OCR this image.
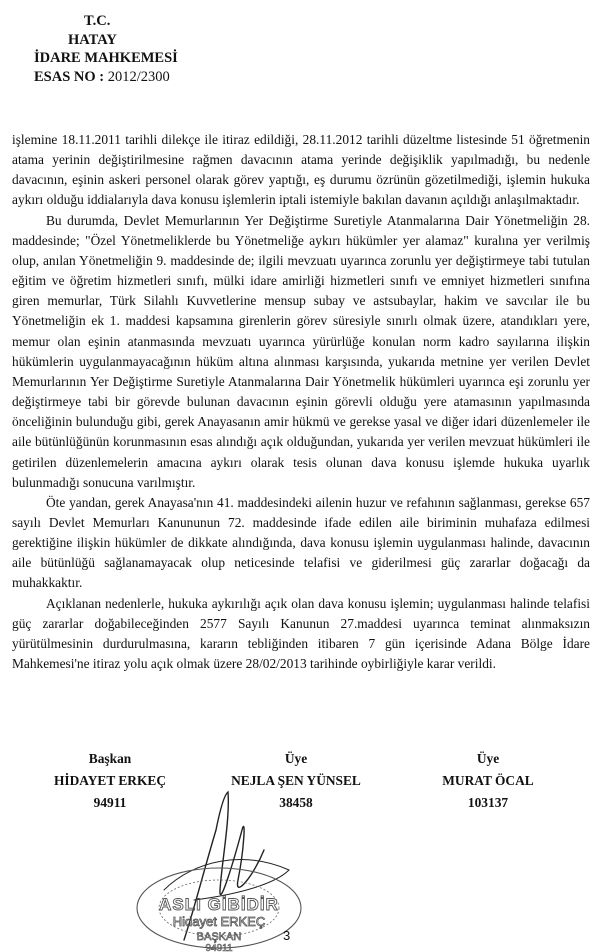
T.C.
HATAY
İDARE MAHKEMESİ
ESAS NO : 2012/2300

işlemine 18.11.2011 tarihli dilekçe ile itiraz edildiği, 28.11.2012 tarihli düzeltme listesinde 51 öğretmenin atama yerinin değiştirilmesine rağmen davacının atama yerinde değişiklik yapılmadığı, bu nedenle davacının, eşinin askeri personel olarak görev yaptığı, eş durumu özrünün gözetilmediği, işlemin hukuka aykırı olduğu iddialarıyla dava konusu işlemlerin iptali istemiyle bakılan davanın açıldığı anlaşılmaktadır.

Bu durumda, Devlet Memurlarının Yer Değiştirme Suretiyle Atanmalarına Dair Yönetmeliğin 28. maddesinde; "Özel Yönetmeliklerde bu Yönetmeliğe aykırı hükümler yer alamaz" kuralına yer verilmiş olup, anılan Yönetmeliğin 9. maddesinde de; ilgili mevzuatı uyarınca zorunlu yer değiştirmeye tabi tutulan eğitim ve öğretim hizmetleri sınıfı, mülki idare amirliği hizmetleri sınıfı ve emniyet hizmetleri sınıfına giren memurlar, Türk Silahlı Kuvvetlerine mensup subay ve astsubaylar, hakim ve savcılar ile bu Yönetmeliğin ek 1. maddesi kapsamına girenlerin görev süresiyle sınırlı olmak üzere, atandıkları yere, memur olan eşinin atanmasında mevzuatı uyarınca yürürlüğe konulan norm kadro sayılarına ilişkin hükümlerin uygulanmayacağının hüküm altına alınması karşısında, yukarıda metnine yer verilen Devlet Memurlarının Yer Değiştirme Suretiyle Atanmalarına Dair Yönetmelik hükümleri uyarınca eşi zorunlu yer değiştirmeye tabi bir görevde bulunan davacının eşinin görevli olduğu yere atamasının yapılmasında önceliğinin bulunduğu gibi, gerek Anayasanın amir hükmü ve gerekse yasal ve diğer idari düzenlemeler ile aile bütünlüğünün korunmasının esas alındığı açık olduğundan, yukarıda yer verilen mevzuat hükümleri ile getirilen düzenlemelerin amacına aykırı olarak tesis olunan dava konusu işlemde hukuka uyarlık bulunmadığı sonucuna varılmıştır.

Öte yandan, gerek Anayasa'nın 41. maddesindeki ailenin huzur ve refahının sağlanması, gerekse 657 sayılı Devlet Memurları Kanununun 72. maddesinde ifade edilen aile biriminin muhafaza edilmesi gerektiğine ilişkin hükümler de dikkate alındığında, dava konusu işlemin uygulanması halinde, davacının aile bütünlüğü sağlanamayacak olup neticesinde telafisi ve giderilmesi güç zararlar doğacağı da muhakkaktır.

Açıklanan nedenlerle, hukuka aykırılığı açık olan dava konusu işlemin; uygulanması halinde telafisi güç zararlar doğabileceğinden 2577 Sayılı Kanunun 27.maddesi uyarınca teminat alınmaksızın yürütülmesinin durdurulmasına, kararın tebliğinden itibaren 7 gün içerisinde Adana Bölge İdare Mahkemesi'ne itiraz yolu açık olmak üzere 28/02/2013 tarihinde oybirliğiyle karar verildi.

Başkan
HİDAYET ERKEÇ
94911
Üye
NEJLA ŞEN YÜNSEL
38458
Üye
MURAT ÖCAL
103137
ASLI GİBİDİR
Hidayet ERKEÇ
BAŞKAN
94911
3
